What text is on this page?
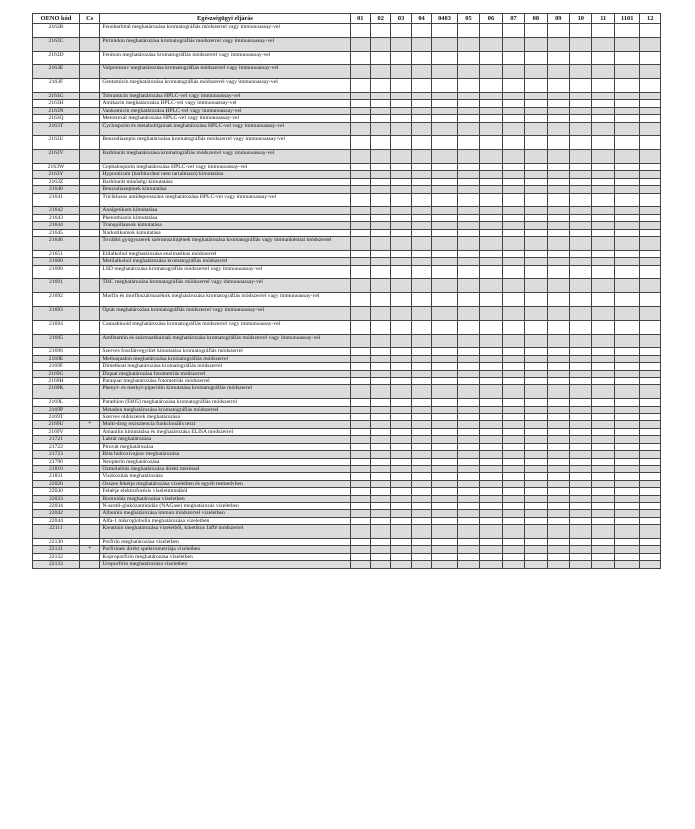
OENO kód	Cs	Egészségügyi eljárás	01	02	03	04	0403	05	06	07	08	09	10	11	1101	12
2163B		Fenobarbitál meghatározása kromatográfiás módszerrel vagy immunoassay-vel														
2163C		Pirimidon meghatározása kromatográfiás módszerrel vagy immunoassay-vel														
2163D		Fenitoin meghatározása kromatográfiás módszerrel vagy immunoassay-vel														
2163E		Valproinsav meghatározása kromatográfiás módszerrel vagy immunoassay-vel														
2163F		Gentamicin meghatározása kromatográfiás módszerrel vagy immunoassay-vel														
2163G		Tobramicin meghatározása HPLC-vel vagy immunoassay-vel														
2163H		Amikacin meghatározása HPLC-vel vagy immunoassay-vel														
2163N		Vankomicin meghatározása HPLC-vel vagy immunoassay-vel														
2163Q		Metotrexát meghatározása HPLC-vel vagy immunoassay-vel														
2163T		Cyclosporin és metabolitjainak meghatározása HPLC-vel vagy immunoassay-vel														
2163U		Benzodiazepin meghatározása kromatográfiás módszerrel vagy immunoassay-vel														
2163V		Barbiturát meghatározása kromatográfiás módszerrel vagy immunoassay-vel														
2163W		Cephalosporin meghatározása HPLC-vel vagy immunoassay-vel														
2163Y		Hypnoticum (barbiturátot nem tartalmazó) kimutatása														
2163Z		Barbiturát minőségi kimutatása														
21640		Benzodiazepinek kimutatása														
21641		Triciklusos antidepresszáns meghatározása HPLC-vel vagy immunoassay-vel														
21642		Analgetikum kimutatása														
21643		Phenothiazin kimutatása														
21644		Tranquillansok kimutatása														
21645		Narkotikumok kimutatása														
21646		További gyógyszerek szérumszintjének meghatározása kromatográfiás vagy immunkémiai módszerrel														
21651		Etilalkohol meghatározása enzimatikus módszerrel														
21660		Metilalkohol meghatározása kromatográfiás módszerrel														
21690		LSD meghatározása kromatográfiás módszerrel vagy immunoassay-vel														
21691		THC meghatározása kromatográfiás módszerrel vagy immunoassay-vel														
21692		Morfin és morfinszármazékok meghatározása kromatográfiás módszerrel vagy immunoassay-vel														
21693		Opiát meghatározása kromatográfiás módszerrel vagy immunoassay-vel														
21694		Cannabinoid meghatározása kromatográfiás módszerrel vagy immunoassay-vel														
21695		Amfetamin és származékainak meghatározása kromatográfiás módszerrel vagy immunoassay-vel														
21696		Szerves foszfátvegyület kimutatása kromatográfiás módszerrel														
2169E		Methaqualon meghatározása kromatográfiás módszerrel														
2169F		Dimethoat meghatározása kromatográfiás módszerrel														
2169G		Diquat meghatározása fotometriás módszerrel														
2169H		Paraquat meghatározása fotometriás módszerrel														
2169K		Phenyl- és methyl-piperidin kimutatása kromatográfiás módszerrel														
2169L		Parathion (E605) meghatározása kromatográfiás módszerrel														
2169P		Metadon meghatározása kromatográfiás módszerrel														
2169T		Szerves oldószerek meghatározása														
2169U	*	Multi-drog rezisztencia funkcionális teszt														
2169V		Amanitin kimutatása és meghatározása ELISA módszerrel														
21721		Laktát meghatározása														
21722		Piruvát meghatározása														
21723		Béta hidroxivajsav meghatározása														
21790		Neopterin meghatározása														
21810		Ozmolalitás meghatározása direkt méréssel														
21831		Viszkozitás meghatározása														
22020		Összes fehérje meghatározása vizeletben és egyéb testnedvben														
22030		Fehérje elektroforézis vizeletmintából														
22033		Biotinidáz meghatározása vizeletben														
22034		N-acetil-glukózaminidáz (NAGase) meghatározás vizeletben														
22042		Albumin meghatározása immun módszerrel vizeletben														
22044		Alfa-1 mikroglobulin meghatározása vizeletben														
22111		Kreatinin meghatározása vizeletből, kinetikus Jaffé módszerrel														
22130		Porfirin meghatározása vizeletben														
22131	*	Porfirinek direkt spektrometriája vizeletben														
22132		Koproporfirin meghatározása vizeletben														
22133		Uroporfirin meghatározása vizeletben														
